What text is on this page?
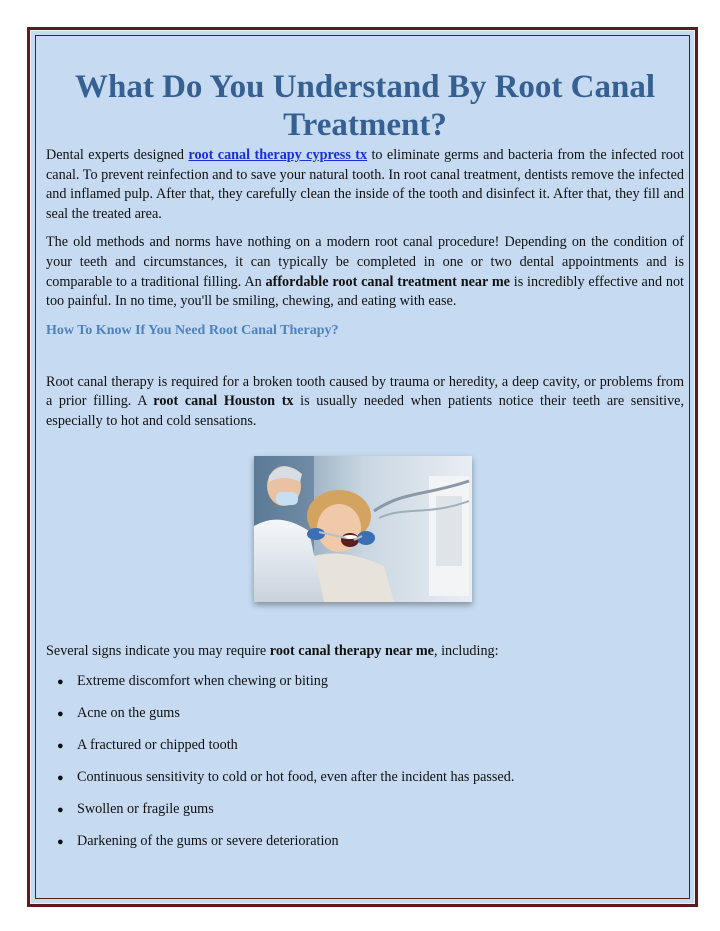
What Do You Understand By Root Canal Treatment?

Dental experts designed root canal therapy cypress tx to eliminate germs and bacteria from the infected root canal. To prevent reinfection and to save your natural tooth. In root canal treatment, dentists remove the infected and inflamed pulp. After that, they carefully clean the inside of the tooth and disinfect it. After that, they fill and seal the treated area.

The old methods and norms have nothing on a modern root canal procedure! Depending on the condition of your teeth and circumstances, it can typically be completed in one or two dental appointments and is comparable to a traditional filling. An affordable root canal treatment near me is incredibly effective and not too painful. In no time, you'll be smiling, chewing, and eating with ease.

How To Know If You Need Root Canal Therapy?

Root canal therapy is required for a broken tooth caused by trauma or heredity, a deep cavity, or problems from a prior filling. A root canal Houston tx is usually needed when patients notice their teeth are sensitive, especially to hot and cold sensations.

Several signs indicate you may require root canal therapy near me, including:

● Extreme discomfort when chewing or biting
● Acne on the gums
● A fractured or chipped tooth
● Continuous sensitivity to cold or hot food, even after the incident has passed.
● Swollen or fragile gums
● Darkening of the gums or severe deterioration
